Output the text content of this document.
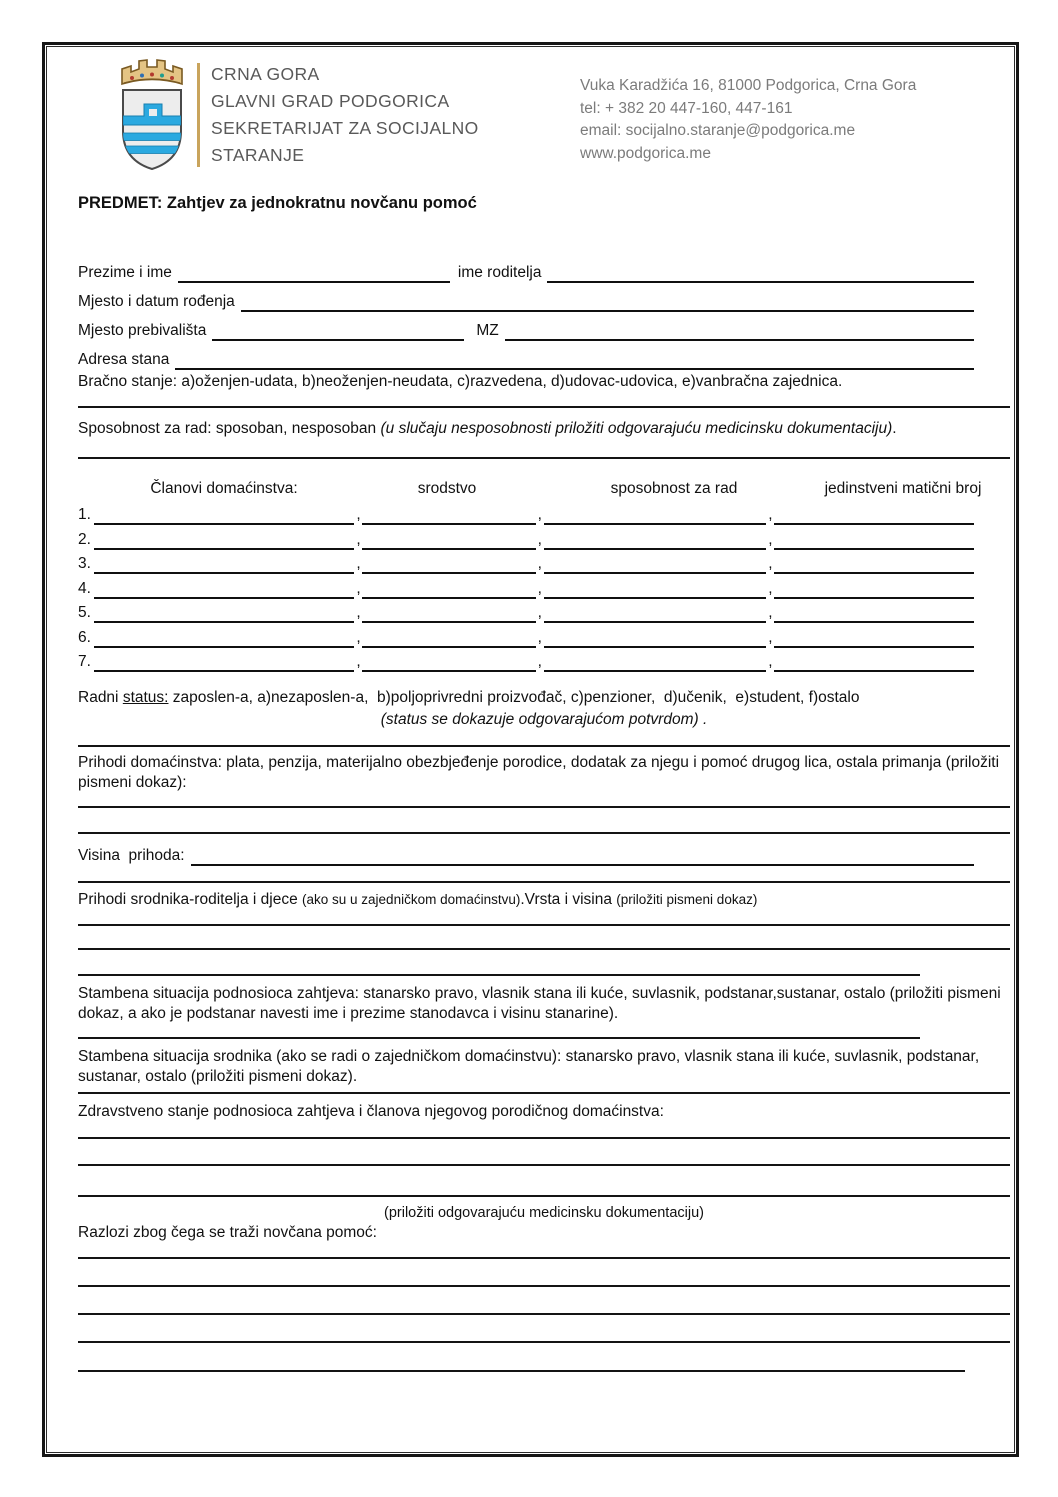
CRNA GORA
GLAVNI GRAD PODGORICA
SEKRETARIJAT ZA SOCIJALNO
STARANJE
Vuka Karadžića 16, 81000 Podgorica, Crna Gora
tel: + 382 20 447-160, 447-161
email: socijalno.staranje@podgorica.me
www.podgorica.me
PREDMET: Zahtjev za jednokratnu novčanu pomoć
Prezime i ime	ime roditelja
Mjesto i datum rođenja
Mjesto prebivališta	MZ
Adresa stana
Bračno stanje: a)oženjen-udata, b)neoženjen-neudata, c)razvedena, d)udovac-udovica, e)vanbračna zajednica.
Sposobnost za rad: sposoban, nesposoban (u slučaju nesposobnosti priložiti odgovarajuću medicinsku dokumentaciju).
Članovi domaćinstva:	srodstvo	sposobnost za rad	jedinstveni matični broj
1.	,	,	,
2.	,	,	,
3.	,	,	,
4.	,	,	,
5.	,	,	,
6.	,	,	,
7.	,	,	,
Radni status: zaposlen-a, a)nezaposlen-a,  b)poljoprivredni proizvođač, c)penzioner,  d)učenik,  e)student, f)ostalo
(status se dokazuje odgovarajućom potvrdom) .
Prihodi domaćinstva: plata, penzija, materijalno obezbjeđenje porodice, dodatak za njegu i pomoć drugog lica, ostala primanja (priložiti pismeni dokaz):
Visina  prihoda:
Prihodi srodnika-roditelja i djece (ako su u zajedničkom domaćinstvu).Vrsta i visina (priložiti pismeni dokaz)
Stambena situacija podnosioca zahtjeva: stanarsko pravo, vlasnik stana ili kuće, suvlasnik, podstanar,sustanar, ostalo (priložiti pismeni dokaz, a ako je podstanar navesti ime i prezime stanodavca i visinu stanarine).
Stambena situacija srodnika (ako se radi o zajedničkom domaćinstvu): stanarsko pravo, vlasnik stana ili kuće, suvlasnik, podstanar, sustanar, ostalo (priložiti pismeni dokaz).
Zdravstveno stanje podnosioca zahtjeva i članova njegovog porodičnog domaćinstva:
(priložiti odgovarajuću medicinsku dokumentaciju)
Razlozi zbog čega se traži novčana pomoć:
